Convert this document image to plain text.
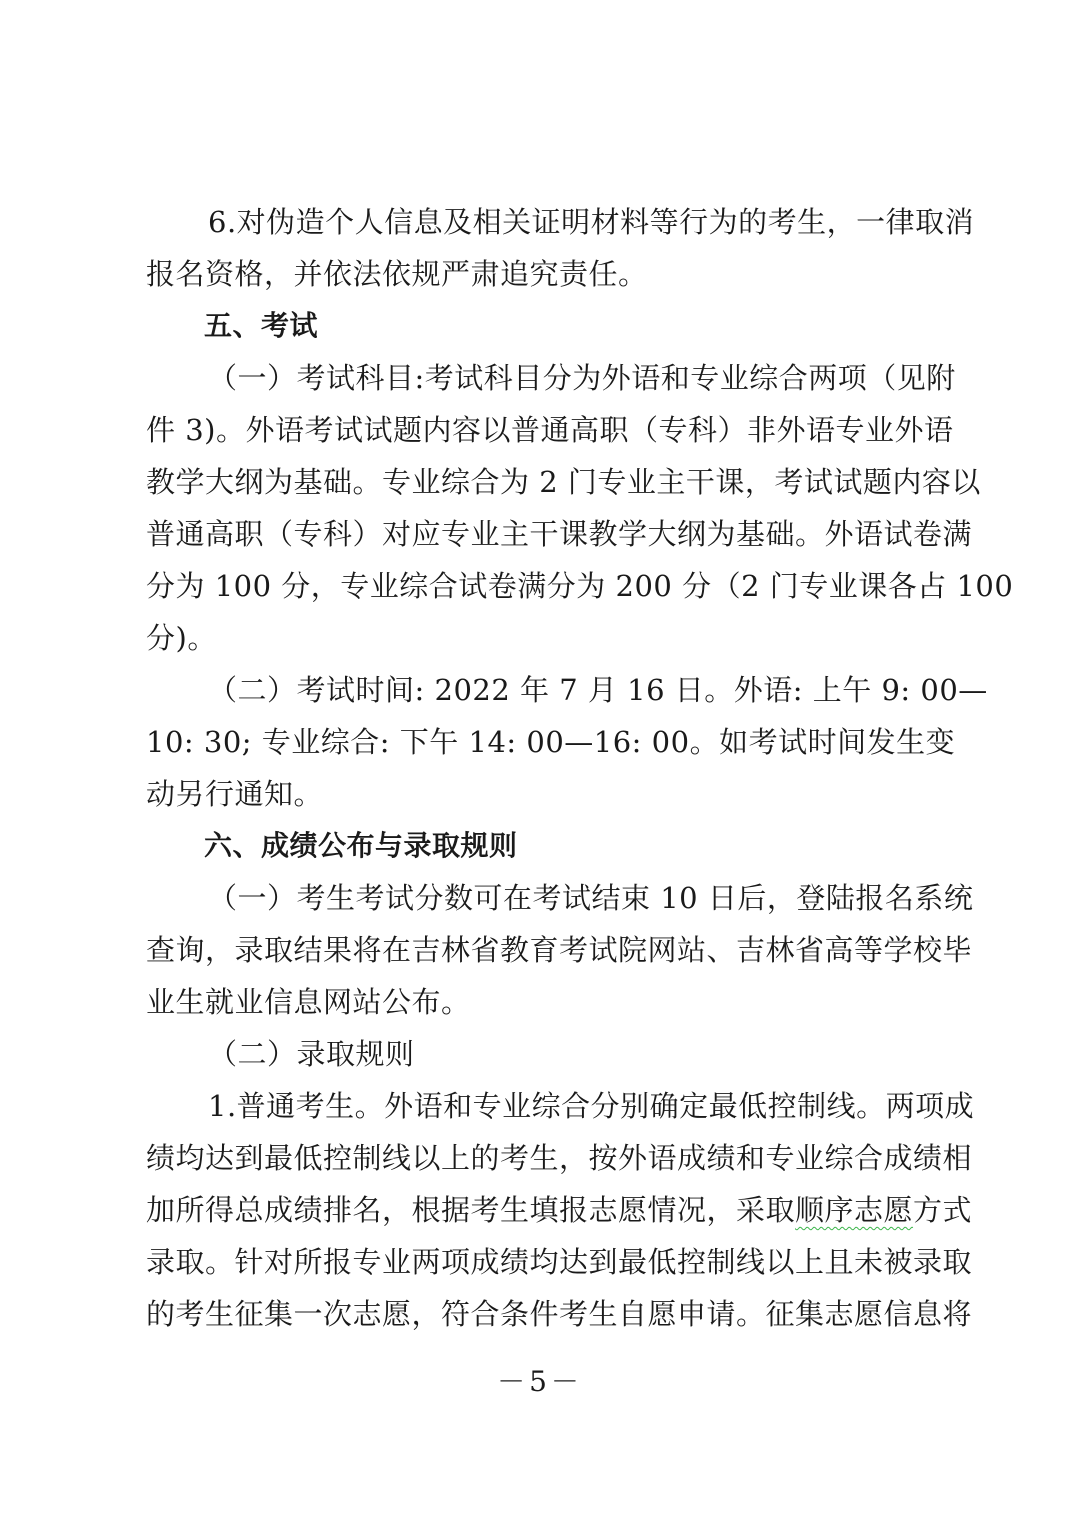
6.对伪造个人信息及相关证明材料等行为的考生，一律取消
报名资格，并依法依规严肃追究责任。
五、考试
（一）考试科目:考试科目分为外语和专业综合两项（见附
件 3)。外语考试试题内容以普通高职（专科）非外语专业外语
教学大纲为基础。专业综合为 2 门专业主干课，考试试题内容以
普通高职（专科）对应专业主干课教学大纲为基础。外语试卷满
分为 100 分，专业综合试卷满分为 200 分（2 门专业课各占 100
分)。
（二）考试时间: 2022 年 7 月 16 日。外语: 上午 9: 00—
10: 30; 专业综合: 下午 14: 00—16: 00。如考试时间发生变
动另行通知。
六、成绩公布与录取规则
（一）考生考试分数可在考试结束 10 日后，登陆报名系统
查询，录取结果将在吉林省教育考试院网站、吉林省高等学校毕
业生就业信息网站公布。
（二）录取规则
1.普通考生。外语和专业综合分别确定最低控制线。两项成
绩均达到最低控制线以上的考生，按外语成绩和专业综合成绩相
加所得总成绩排名，根据考生填报志愿情况，采取顺序志愿方式
录取。针对所报专业两项成绩均达到最低控制线以上且未被录取
的考生征集一次志愿，符合条件考生自愿申请。征集志愿信息将
－5－
